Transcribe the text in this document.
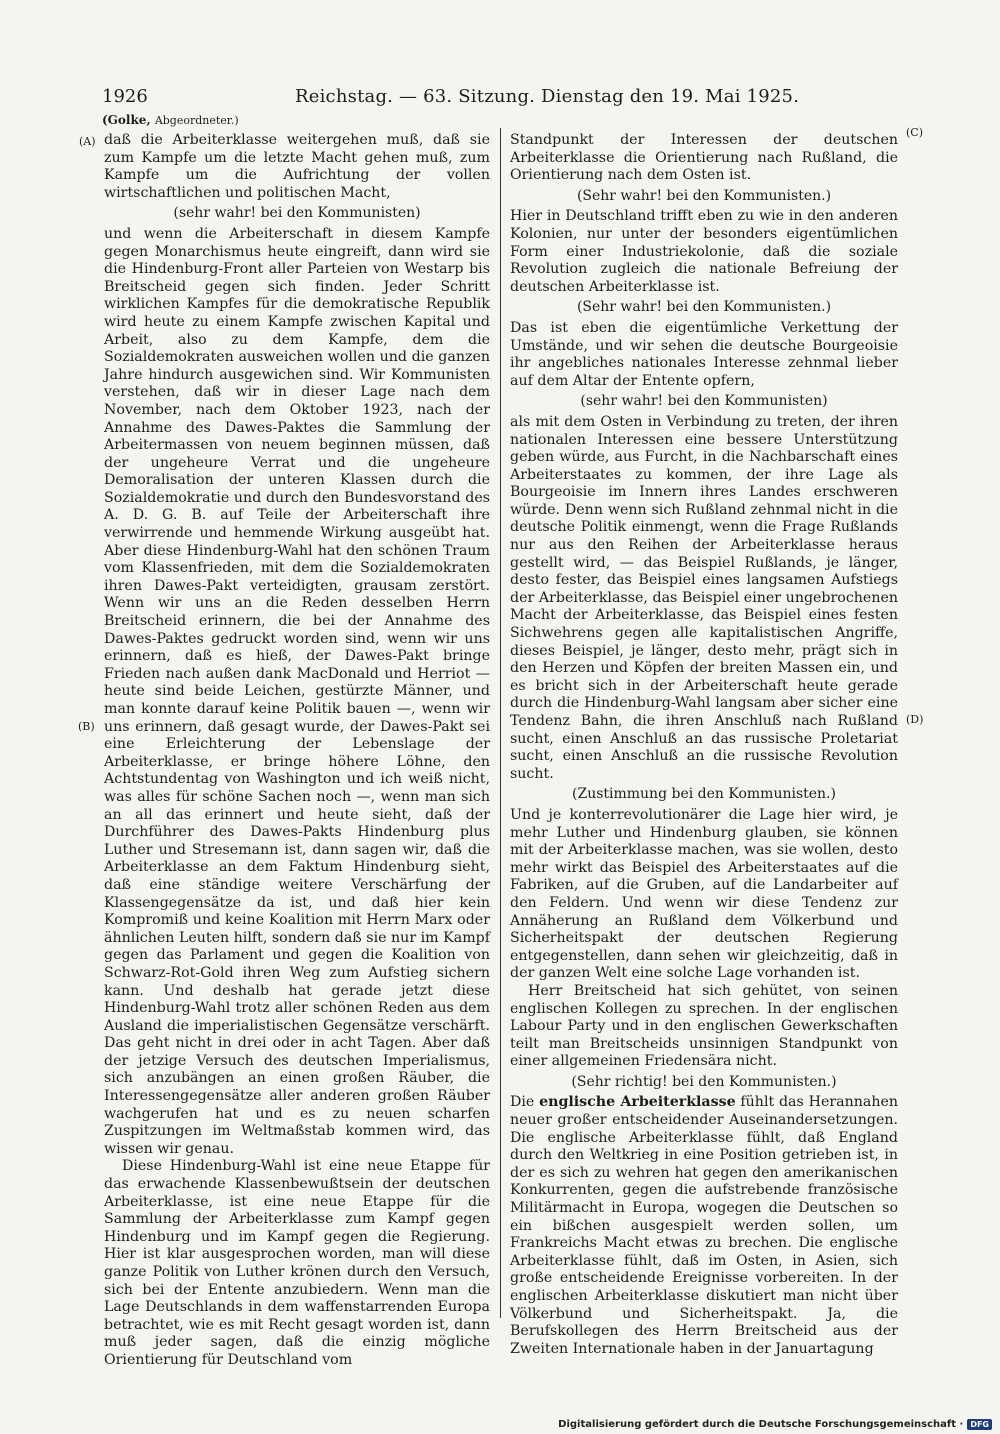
1926	Reichstag. — 63. Sitzung. Dienstag den 19. Mai 1925.
(Golke, Abgeordneter.)
(A)
(B)
(C)
(D)

daß die Arbeiterklasse weitergehen muß, daß sie zum Kampfe um die letzte Macht gehen muß, zum Kampfe um die Aufrichtung der vollen wirtschaftlichen und politischen Macht,

(sehr wahr! bei den Kommunisten)

und wenn die Arbeiterschaft in diesem Kampfe gegen Monarchismus heute eingreift, dann wird sie die Hindenburg-Front aller Parteien von Westarp bis Breitscheid gegen sich finden. Jeder Schritt wirklichen Kampfes für die demokratische Republik wird heute zu einem Kampfe zwischen Kapital und Arbeit, also zu dem Kampfe, dem die Sozialdemokraten ausweichen wollen und die ganzen Jahre hindurch ausgewichen sind. Wir Kommunisten verstehen, daß wir in dieser Lage nach dem November, nach dem Oktober 1923, nach der Annahme des Dawes-Paktes die Sammlung der Arbeitermassen von neuem beginnen müssen, daß der ungeheure Verrat und die ungeheure Demoralisation der unteren Klassen durch die Sozialdemokratie und durch den Bundesvorstand des A. D. G. B. auf Teile der Arbeiterschaft ihre verwirrende und hemmende Wirkung ausgeübt hat. Aber diese Hindenburg-Wahl hat den schönen Traum vom Klassenfrieden, mit dem die Sozialdemokraten ihren Dawes-Pakt verteidigten, grausam zerstört. Wenn wir uns an die Reden desselben Herrn Breitscheid erinnern, die bei der Annahme des Dawes-Paktes gedruckt worden sind, wenn wir uns erinnern, daß es hieß, der Dawes-Pakt bringe Frieden nach außen dank MacDonald und Herriot — heute sind beide Leichen, gestürzte Männer, und man konnte darauf keine Politik bauen —, wenn wir uns erinnern, daß gesagt wurde, der Dawes-Pakt sei eine Erleichterung der Lebenslage der Arbeiterklasse, er bringe höhere Löhne, den Achtstundentag von Washington und ich weiß nicht, was alles für schöne Sachen noch —, wenn man sich an all das erinnert und heute sieht, daß der Durchführer des Dawes-Pakts Hindenburg plus Luther und Stresemann ist, dann sagen wir, daß die Arbeiterklasse an dem Faktum Hindenburg sieht, daß eine ständige weitere Verschärfung der Klassengegensätze da ist, und daß hier kein Kompromiß und keine Koalition mit Herrn Marx oder ähnlichen Leuten hilft, sondern daß sie nur im Kampf gegen das Parlament und gegen die Koalition von Schwarz-Rot-Gold ihren Weg zum Aufstieg sichern kann. Und deshalb hat gerade jetzt diese Hindenburg-Wahl trotz aller schönen Reden aus dem Ausland die imperialistischen Gegensätze verschärft. Das geht nicht in drei oder in acht Tagen. Aber daß der jetzige Versuch des deutschen Imperialismus, sich anzubängen an einen großen Räuber, die Interessengegensätze aller anderen großen Räuber wachgerufen hat und es zu neuen scharfen Zuspitzungen im Weltmaßstab kommen wird, das wissen wir genau.

Diese Hindenburg-Wahl ist eine neue Etappe für das erwachende Klassenbewußtsein der deutschen Arbeiterklasse, ist eine neue Etappe für die Sammlung der Arbeiterklasse zum Kampf gegen Hindenburg und im Kampf gegen die Regierung. Hier ist klar ausgesprochen worden, man will diese ganze Politik von Luther krönen durch den Versuch, sich bei der Entente anzubiedern. Wenn man die Lage Deutschlands in dem waffenstarrenden Europa betrachtet, wie es mit Recht gesagt worden ist, dann muß jeder sagen, daß die einzig mögliche Orientierung für Deutschland vom

Standpunkt der Interessen der deutschen Arbeiterklasse die Orientierung nach Rußland, die Orientierung nach dem Osten ist.

(Sehr wahr! bei den Kommunisten.)

Hier in Deutschland trifft eben zu wie in den anderen Kolonien, nur unter der besonders eigentümlichen Form einer Industriekolonie, daß die soziale Revolution zugleich die nationale Befreiung der deutschen Arbeiterklasse ist.

(Sehr wahr! bei den Kommunisten.)

Das ist eben die eigentümliche Verkettung der Umstände, und wir sehen die deutsche Bourgeoisie ihr angebliches nationales Interesse zehnmal lieber auf dem Altar der Entente opfern,

(sehr wahr! bei den Kommunisten)

als mit dem Osten in Verbindung zu treten, der ihren nationalen Interessen eine bessere Unterstützung geben würde, aus Furcht, in die Nachbarschaft eines Arbeiterstaates zu kommen, der ihre Lage als Bourgeoisie im Innern ihres Landes erschweren würde. Denn wenn sich Rußland zehnmal nicht in die deutsche Politik einmengt, wenn die Frage Rußlands nur aus den Reihen der Arbeiterklasse heraus gestellt wird, — das Beispiel Rußlands, je länger, desto fester, das Beispiel eines langsamen Aufstiegs der Arbeiterklasse, das Beispiel einer ungebrochenen Macht der Arbeiterklasse, das Beispiel eines festen Sichwehrens gegen alle kapitalistischen Angriffe, dieses Beispiel, je länger, desto mehr, prägt sich in den Herzen und Köpfen der breiten Massen ein, und es bricht sich in der Arbeiterschaft heute gerade durch die Hindenburg-Wahl langsam aber sicher eine Tendenz Bahn, die ihren Anschluß nach Rußland sucht, einen Anschluß an das russische Proletariat sucht, einen Anschluß an die russische Revolution sucht.

(Zustimmung bei den Kommunisten.)

Und je konterrevolutionärer die Lage hier wird, je mehr Luther und Hindenburg glauben, sie können mit der Arbeiterklasse machen, was sie wollen, desto mehr wirkt das Beispiel des Arbeiterstaates auf die Fabriken, auf die Gruben, auf die Landarbeiter auf den Feldern. Und wenn wir diese Tendenz zur Annäherung an Rußland dem Völkerbund und Sicherheitspakt der deutschen Regierung entgegenstellen, dann sehen wir gleichzeitig, daß in der ganzen Welt eine solche Lage vorhanden ist.

Herr Breitscheid hat sich gehütet, von seinen englischen Kollegen zu sprechen. In der englischen Labour Party und in den englischen Gewerkschaften teilt man Breitscheids unsinnigen Standpunkt von einer allgemeinen Friedensära nicht.

(Sehr richtig! bei den Kommunisten.)

Die englische Arbeiterklasse fühlt das Herannahen neuer großer entscheidender Auseinandersetzungen. Die englische Arbeiterklasse fühlt, daß England durch den Weltkrieg in eine Position getrieben ist, in der es sich zu wehren hat gegen den amerikanischen Konkurrenten, gegen die aufstrebende französische Militärmacht in Europa, wogegen die Deutschen so ein bißchen ausgespielt werden sollen, um Frankreichs Macht etwas zu brechen. Die englische Arbeiterklasse fühlt, daß im Osten, in Asien, sich große entscheidende Ereignisse vorbereiten. In der englischen Arbeiterklasse diskutiert man nicht über Völkerbund und Sicherheitspakt. Ja, die Berufskollegen des Herrn Breitscheid aus der Zweiten Internationale haben in der Januartagung

Digitalisierung gefördert durch die Deutsche Forschungsgemeinschaft · DFG
